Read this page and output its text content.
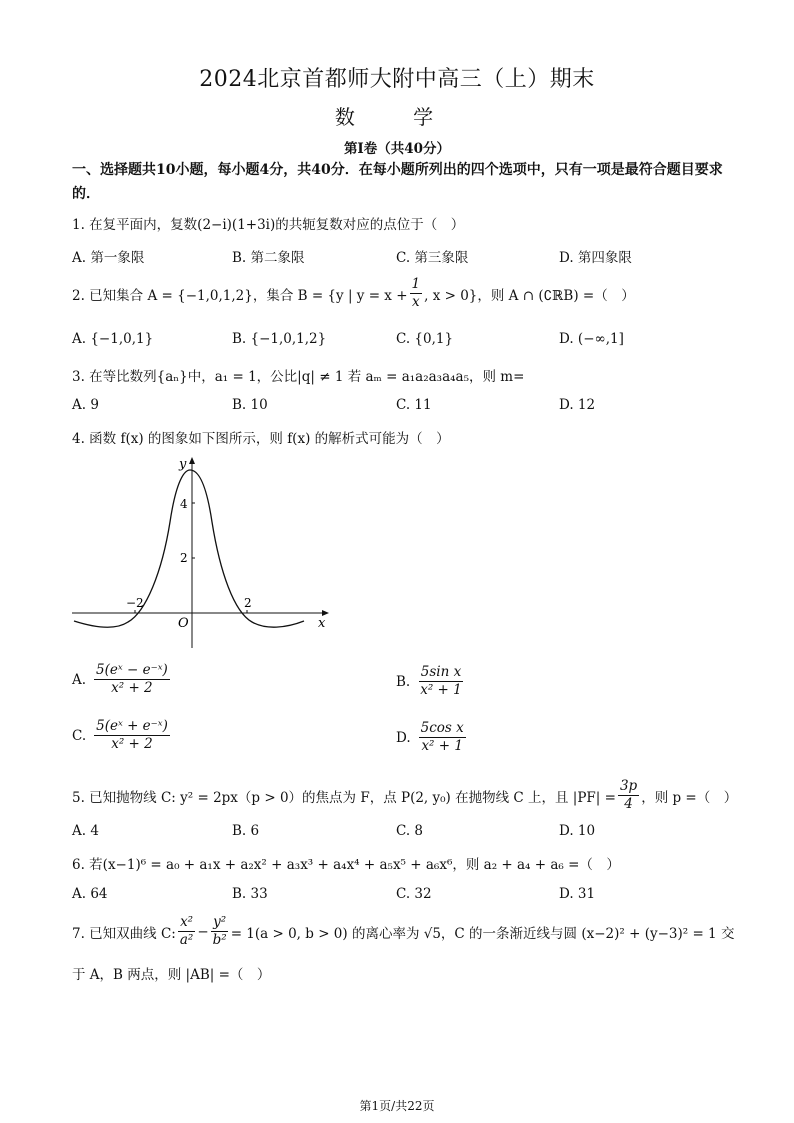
2024北京首都师大附中高三（上）期末
数 学
第Ⅰ卷（共40分）
一、选择题共10小题，每小题4分，共40分．在每小题所列出的四个选项中，只有一项是最符合题目要求的．
1. 在复平面内，复数(2−i)(1+3i)的共轭复数对应的点位于（　）
A. 第一象限	B. 第二象限	C. 第三象限	D. 第四象限
2. 已知集合 A = {−1,0,1,2}，集合 B = {y | $y = x + \frac{1}{x}$ , x > 0}，则 A ∩ (∁ℝB) =（　）
A. {−1,0,1}	B. {−1,0,1,2}	C. {0,1}	D. (−∞,1]
3. 在等比数列{aₙ}中，a₁ = 1，公比|q| ≠ 1 若 aₘ = a₁a₂a₃a₄a₅，则 m=
A. 9	B. 10	C. 11	D. 12
4. 函数 f(x) 的图象如下图所示，则 f(x) 的解析式可能为（　）
y
x
O
4
2
−2	2
A. $\frac{\text{5(eˣ − e⁻ˣ)}}{\text{x² + 2}}$	B. $\frac{\text{5sin x}}{\text{x² + 1}}$
C. $\frac{\text{5(eˣ + e⁻ˣ)}}{\text{x² + 2}}$	D. $\frac{\text{5cos x}}{\text{x² + 1}}$
5. 已知抛物线 C: y² = 2px（p > 0）的焦点为 F，点 P(2, y₀) 在抛物线 C 上，且 $|PF| = \frac{3p}{4}$ ，则 p =（　）
A. 4	B. 6	C. 8	D. 10
6. 若(x−1)⁶ = a₀ + a₁x + a₂x² + a₃x³ + a₄x⁴ + a₅x⁵ + a₆x⁶，则 a₂ + a₄ + a₆ =（　）
A. 64	B. 33	C. 32	D. 31
7. 已知双曲线 C: $\frac{\text{x²}}{\text{a²}} - \frac{\text{y²}}{\text{b²}} = 1(a > 0$, b > 0) 的离心率为 √5，C 的一条渐近线与圆 (x−2)² + (y−3)² = 1 交
于 A，B 两点，则 |AB| =（　）
第1页/共22页
